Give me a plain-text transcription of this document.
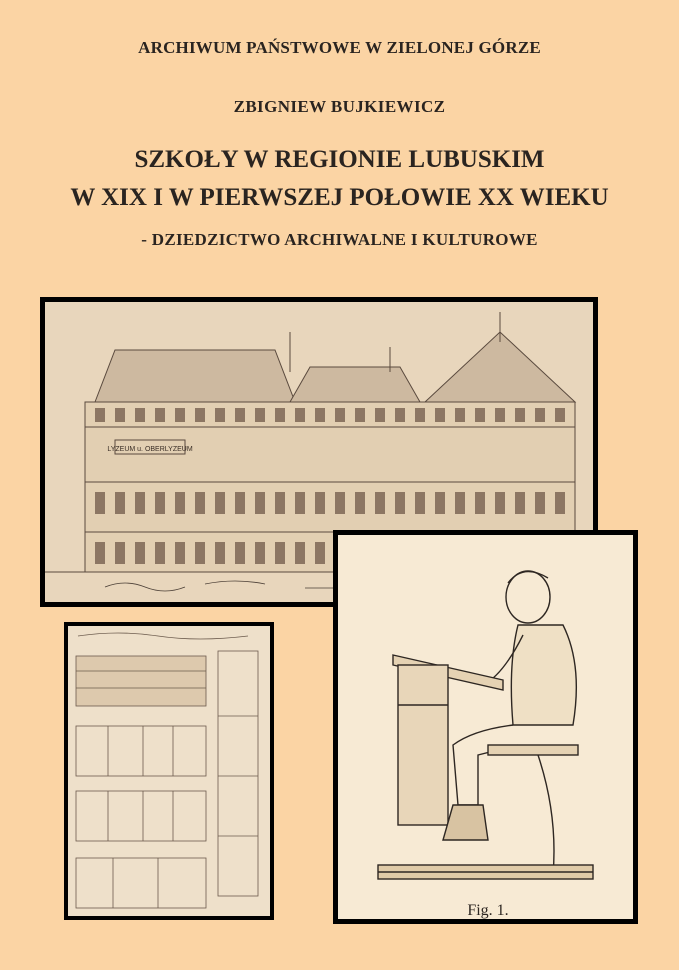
ARCHIWUM PAŃSTWOWE W ZIELONEJ GÓRZE
ZBIGNIEW BUJKIEWICZ
SZKOŁY W REGIONIE LUBUSKIM
W XIX I W PIERWSZEJ POŁOWIE XX WIEKU
- DZIEDZICTWO ARCHIWALNE I KULTUROWE
LYZEUM u. OBERLYZEUM
Fig. 1.
